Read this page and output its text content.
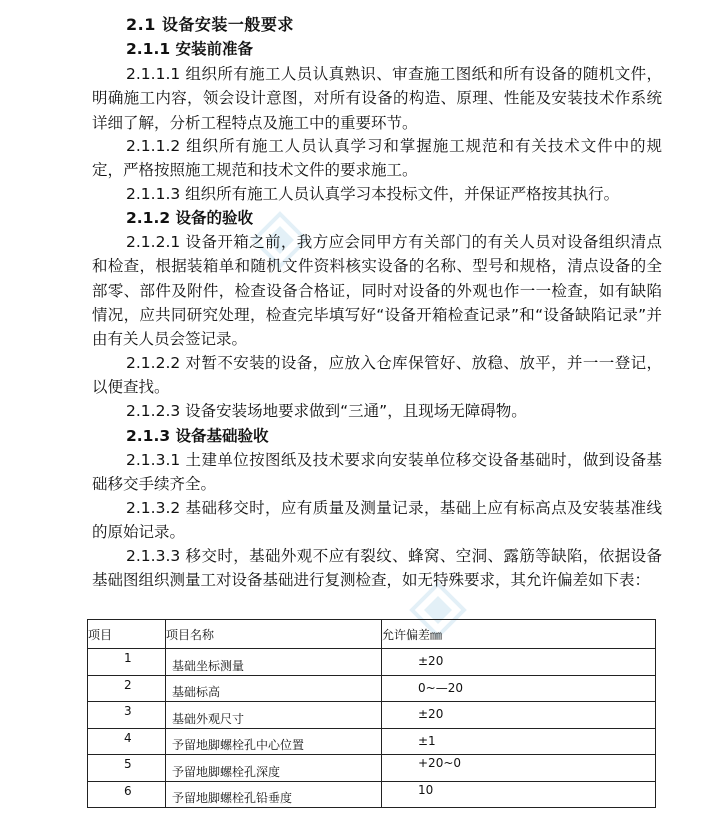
2.1 设备安装一般要求
2.1.1 安装前准备
2.1.1.1 组织所有施工人员认真熟识、审查施工图纸和所有设备的随机文件，明确施工内容，领会设计意图，对所有设备的构造、原理、性能及安装技术作系统详细了解，分析工程特点及施工中的重要环节。
2.1.1.2 组织所有施工人员认真学习和掌握施工规范和有关技术文件中的规定，严格按照施工规范和技术文件的要求施工。
2.1.1.3 组织所有施工人员认真学习本投标文件，并保证严格按其执行。
2.1.2 设备的验收
2.1.2.1 设备开箱之前，我方应会同甲方有关部门的有关人员对设备组织清点和检查，根据装箱单和随机文件资料核实设备的名称、型号和规格，清点设备的全部零、部件及附件，检查设备合格证，同时对设备的外观也作一一检查，如有缺陷情况，应共同研究处理，检查完毕填写好“设备开箱检查记录”和“设备缺陷记录”并由有关人员会签记录。
2.1.2.2 对暂不安装的设备，应放入仓库保管好、放稳、放平，并一一登记，以便查找。
2.1.2.3 设备安装场地要求做到“三通”，且现场无障碍物。
2.1.3 设备基础验收
2.1.3.1 土建单位按图纸及技术要求向安装单位移交设备基础时，做到设备基础移交手续齐全。
2.1.3.2 基础移交时，应有质量及测量记录，基础上应有标高点及安装基准线的原始记录。
2.1.3.3 移交时，基础外观不应有裂纹、蜂窝、空洞、露筋等缺陷，依据设备基础图组织测量工对设备基础进行复测检查，如无特殊要求，其允许偏差如下表：
项目	项目名称	允许偏差㎜

1	基础坐标测量	±20

2	基础标高	0~—20

3	基础外观尺寸	±20

4	予留地脚螺栓孔中心位置	±1

5	予留地脚螺栓孔深度	+20~0

6	予留地脚螺栓孔铅垂度	10
